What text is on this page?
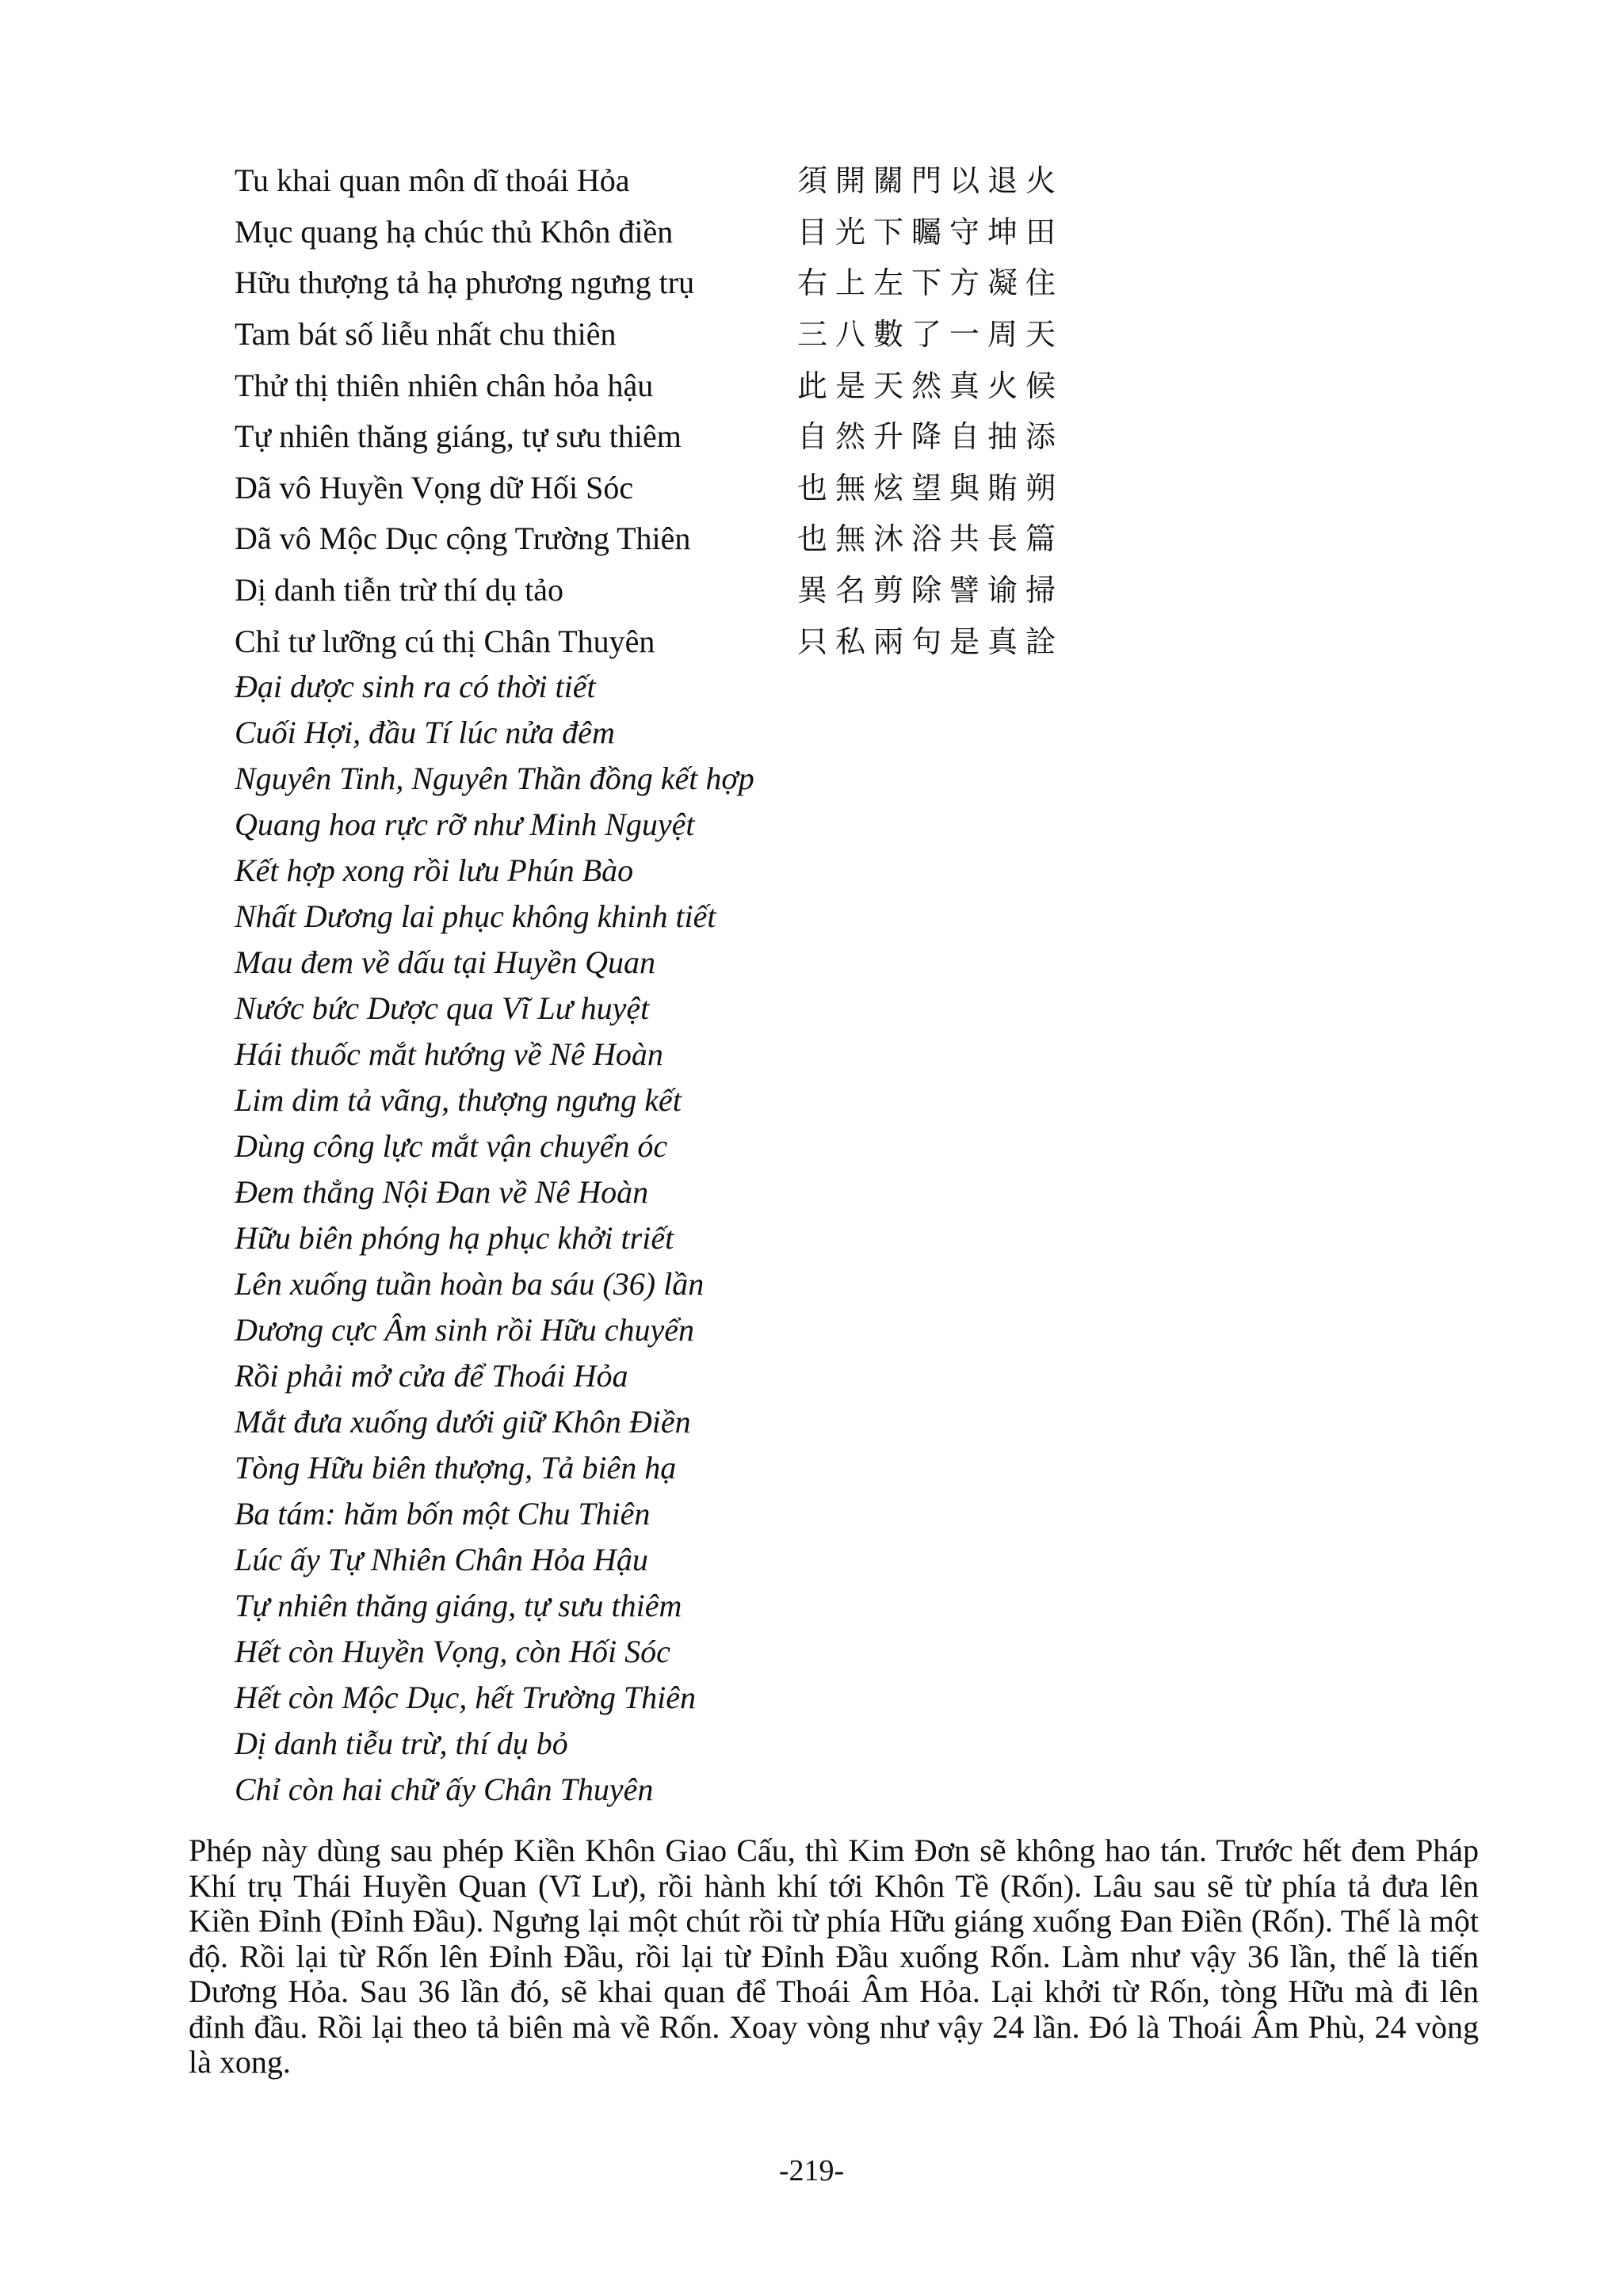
Tu khai quan môn dĩ thoái Hỏa	須開關門以退火
Mục quang hạ chúc thủ Khôn điền	目光下矚守坤田
Hữu thượng tả hạ phương ngưng trụ	右上左下方凝住
Tam bát số liễu nhất chu thiên	三八數了一周天
Thử thị thiên nhiên chân hỏa hậu	此是天然真火候
Tự nhiên thăng giáng, tự sưu thiêm	自然升降自抽添
Dã vô Huyền Vọng dữ Hối Sóc	也無炫望與賄朔
Dã vô Mộc Dục cộng Trường Thiên	也無沐浴共長篇
Dị danh tiễn trừ thí dụ tảo	異名剪除譬谕掃
Chỉ tư lưỡng cú thị Chân Thuyên	只私兩句是真詮
Đại dược sinh ra có thời tiết
Cuối Hợi, đầu Tí lúc nửa đêm
Nguyên Tinh, Nguyên Thần đồng kết hợp
Quang hoa rực rỡ như Minh Nguyệt
Kết hợp xong rồi lưu Phún Bào
Nhất Dương lai phục không khinh tiết
Mau đem về dấu tại Huyền Quan
Nước bức Dược qua Vĩ Lư huyệt
Hái thuốc mắt hướng về Nê Hoàn
Lim dim tả vãng, thượng ngưng kết
Dùng công lực mắt vận chuyển óc
Đem thẳng Nội Đan về Nê Hoàn
Hữu biên phóng hạ phục khởi triết
Lên xuống tuần hoàn ba sáu (36) lần
Dương cực Âm sinh rồi Hữu chuyển
Rồi phải mở cửa để Thoái Hỏa
Mắt đưa xuống dưới giữ Khôn Điền
Tòng Hữu biên thượng, Tả biên hạ
Ba tám: hăm bốn một Chu Thiên
Lúc ấy Tự Nhiên Chân Hỏa Hậu
Tự nhiên thăng giáng, tự sưu thiêm
Hết còn Huyền Vọng, còn Hối Sóc
Hết còn Mộc Dục, hết Trường Thiên
Dị danh tiễu trừ, thí dụ bỏ
Chỉ còn hai chữ ấy Chân Thuyên
Phép này dùng sau phép Kiền Khôn Giao Cấu, thì Kim Đơn sẽ không hao tán. Trước hết đem Pháp Khí trụ Thái Huyền Quan (Vĩ Lư), rồi hành khí tới Khôn Tề (Rốn). Lâu sau sẽ từ phía tả đưa lên Kiền Đỉnh (Đỉnh Đầu). Ngưng lại một chút rồi từ phía Hữu giáng xuống Đan Điền (Rốn). Thế là một độ. Rồi lại từ Rốn lên Đỉnh Đầu, rồi lại từ Đỉnh Đầu xuống Rốn. Làm như vậy 36 lần, thế là tiến Dương Hỏa. Sau 36 lần đó, sẽ khai quan để Thoái Âm Hỏa. Lại khởi từ Rốn, tòng Hữu mà đi lên đỉnh đầu. Rồi lại theo tả biên mà về Rốn. Xoay vòng như vậy 24 lần. Đó là Thoái Âm Phù, 24 vòng là xong.
-219-
